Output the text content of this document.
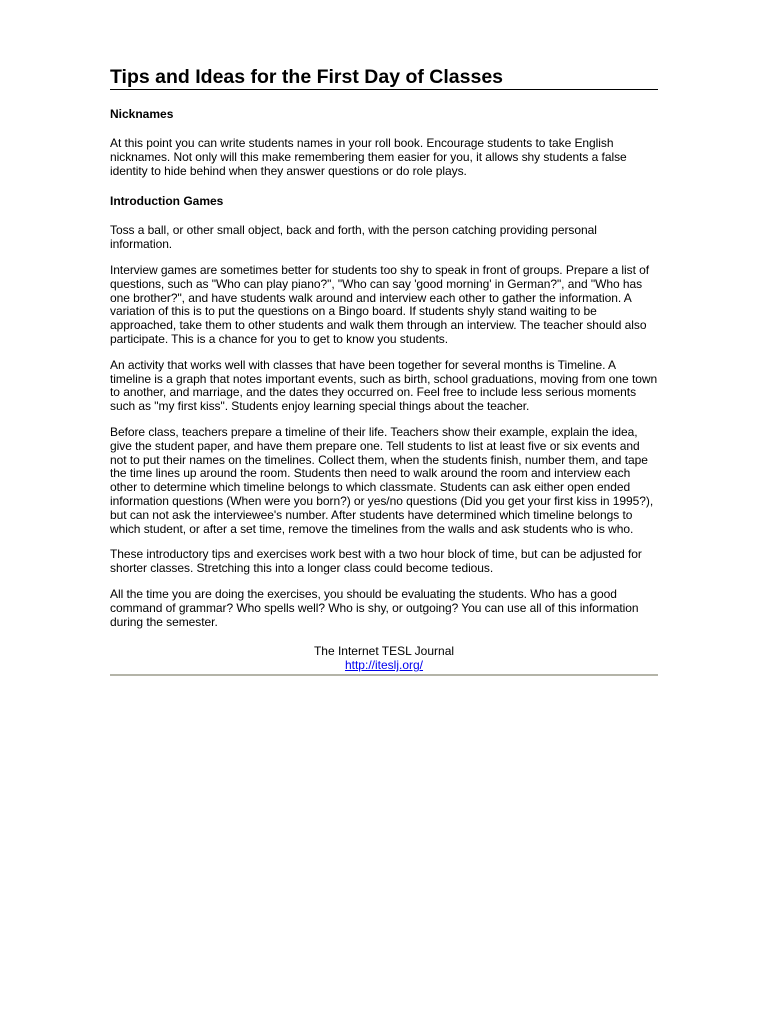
Tips and Ideas for the First Day of Classes
Nicknames

At this point you can write students names in your roll book. Encourage students to take English nicknames. Not only will this make remembering them easier for you, it allows shy students a false identity to hide behind when they answer questions or do role plays.

Introduction Games

Toss a ball, or other small object, back and forth, with the person catching providing personal information.

Interview games are sometimes better for students too shy to speak in front of groups. Prepare a list of questions, such as "Who can play piano?", "Who can say 'good morning' in German?", and "Who has one brother?", and have students walk around and interview each other to gather the information. A variation of this is to put the questions on a Bingo board. If students shyly stand waiting to be approached, take them to other students and walk them through an interview. The teacher should also participate. This is a chance for you to get to know you students.

An activity that works well with classes that have been together for several months is Timeline. A timeline is a graph that notes important events, such as birth, school graduations, moving from one town to another, and marriage, and the dates they occurred on. Feel free to include less serious moments such as "my first kiss". Students enjoy learning special things about the teacher.

Before class, teachers prepare a timeline of their life. Teachers show their example, explain the idea, give the student paper, and have them prepare one. Tell students to list at least five or six events and not to put their names on the timelines. Collect them, when the students finish, number them, and tape the time lines up around the room. Students then need to walk around the room and interview each other to determine which timeline belongs to which classmate. Students can ask either open ended information questions (When were you born?) or yes/no questions (Did you get your first kiss in 1995?), but can not ask the interviewee's number. After students have determined which timeline belongs to which student, or after a set time, remove the timelines from the walls and ask students who is who.

These introductory tips and exercises work best with a two hour block of time, but can be adjusted for shorter classes. Stretching this into a longer class could become tedious.

All the time you are doing the exercises, you should be evaluating the students. Who has a good command of grammar? Who spells well? Who is shy, or outgoing? You can use all of this information during the semester.

The Internet TESL Journal

http://iteslj.org/
